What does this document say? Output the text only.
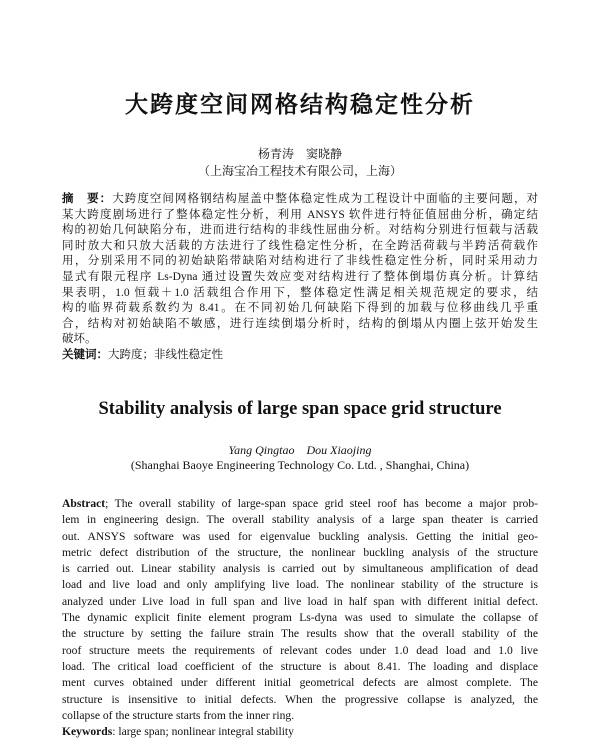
大跨度空间网格结构稳定性分析
杨青涛　窦晓静
（上海宝冶工程技术有限公司，上海）
摘　要：大跨度空间网格钢结构屋盖中整体稳定性成为工程设计中面临的主要问题，对
某大跨度剧场进行了整体稳定性分析，利用 ANSYS 软件进行特征值屈曲分析，确定结
构的初始几何缺陷分布，进而进行结构的非线性屈曲分析。对结构分别进行恒载与活载
同时放大和只放大活载的方法进行了线性稳定性分析，在全跨活荷载与半跨活荷载作
用，分别采用不同的初始缺陷带缺陷对结构进行了非线性稳定性分析，同时采用动力
显式有限元程序 Ls-Dyna 通过设置失效应变对结构进行了整体倒塌仿真分析。计算结
果表明，1.0 恒载＋1.0 活载组合作用下，整体稳定性满足相关规范规定的要求，结
构的临界荷载系数约为 8.41。在不同初始几何缺陷下得到的加载与位移曲线几乎重
合，结构对初始缺陷不敏感，进行连续倒塌分析时，结构的倒塌从内圈上弦开始发生
破坏。
关键词：大跨度；非线性稳定性
Stability analysis of large span space grid structure
Yang Qingtao　Dou Xiaojing
(Shanghai Baoye Engineering Technology Co. Ltd. , Shanghai, China)
Abstract; The overall stability of large-span space grid steel roof has become a major prob-
lem in engineering design. The overall stability analysis of a large span theater is carried
out. ANSYS software was used for eigenvalue buckling analysis. Getting the initial geo-
metric defect distribution of the structure, the nonlinear buckling analysis of the structure
is carried out. Linear stability analysis is carried out by simultaneous amplification of dead
load and live load and only amplifying live load. The nonlinear stability of the structure is
analyzed under Live load in full span and live load in half span with different initial defect.
The dynamic explicit finite element program Ls-dyna was used to simulate the collapse of
the structure by setting the failure strain The results show that the overall stability of the
roof structure meets the requirements of relevant codes under 1.0 dead load and 1.0 live
load. The critical load coefficient of the structure is about 8.41. The loading and displace
ment curves obtained under different initial geometrical defects are almost complete. The
structure is insensitive to initial defects. When the progressive collapse is analyzed, the
collapse of the structure starts from the inner ring.
Keywords: large span; nonlinear integral stability
